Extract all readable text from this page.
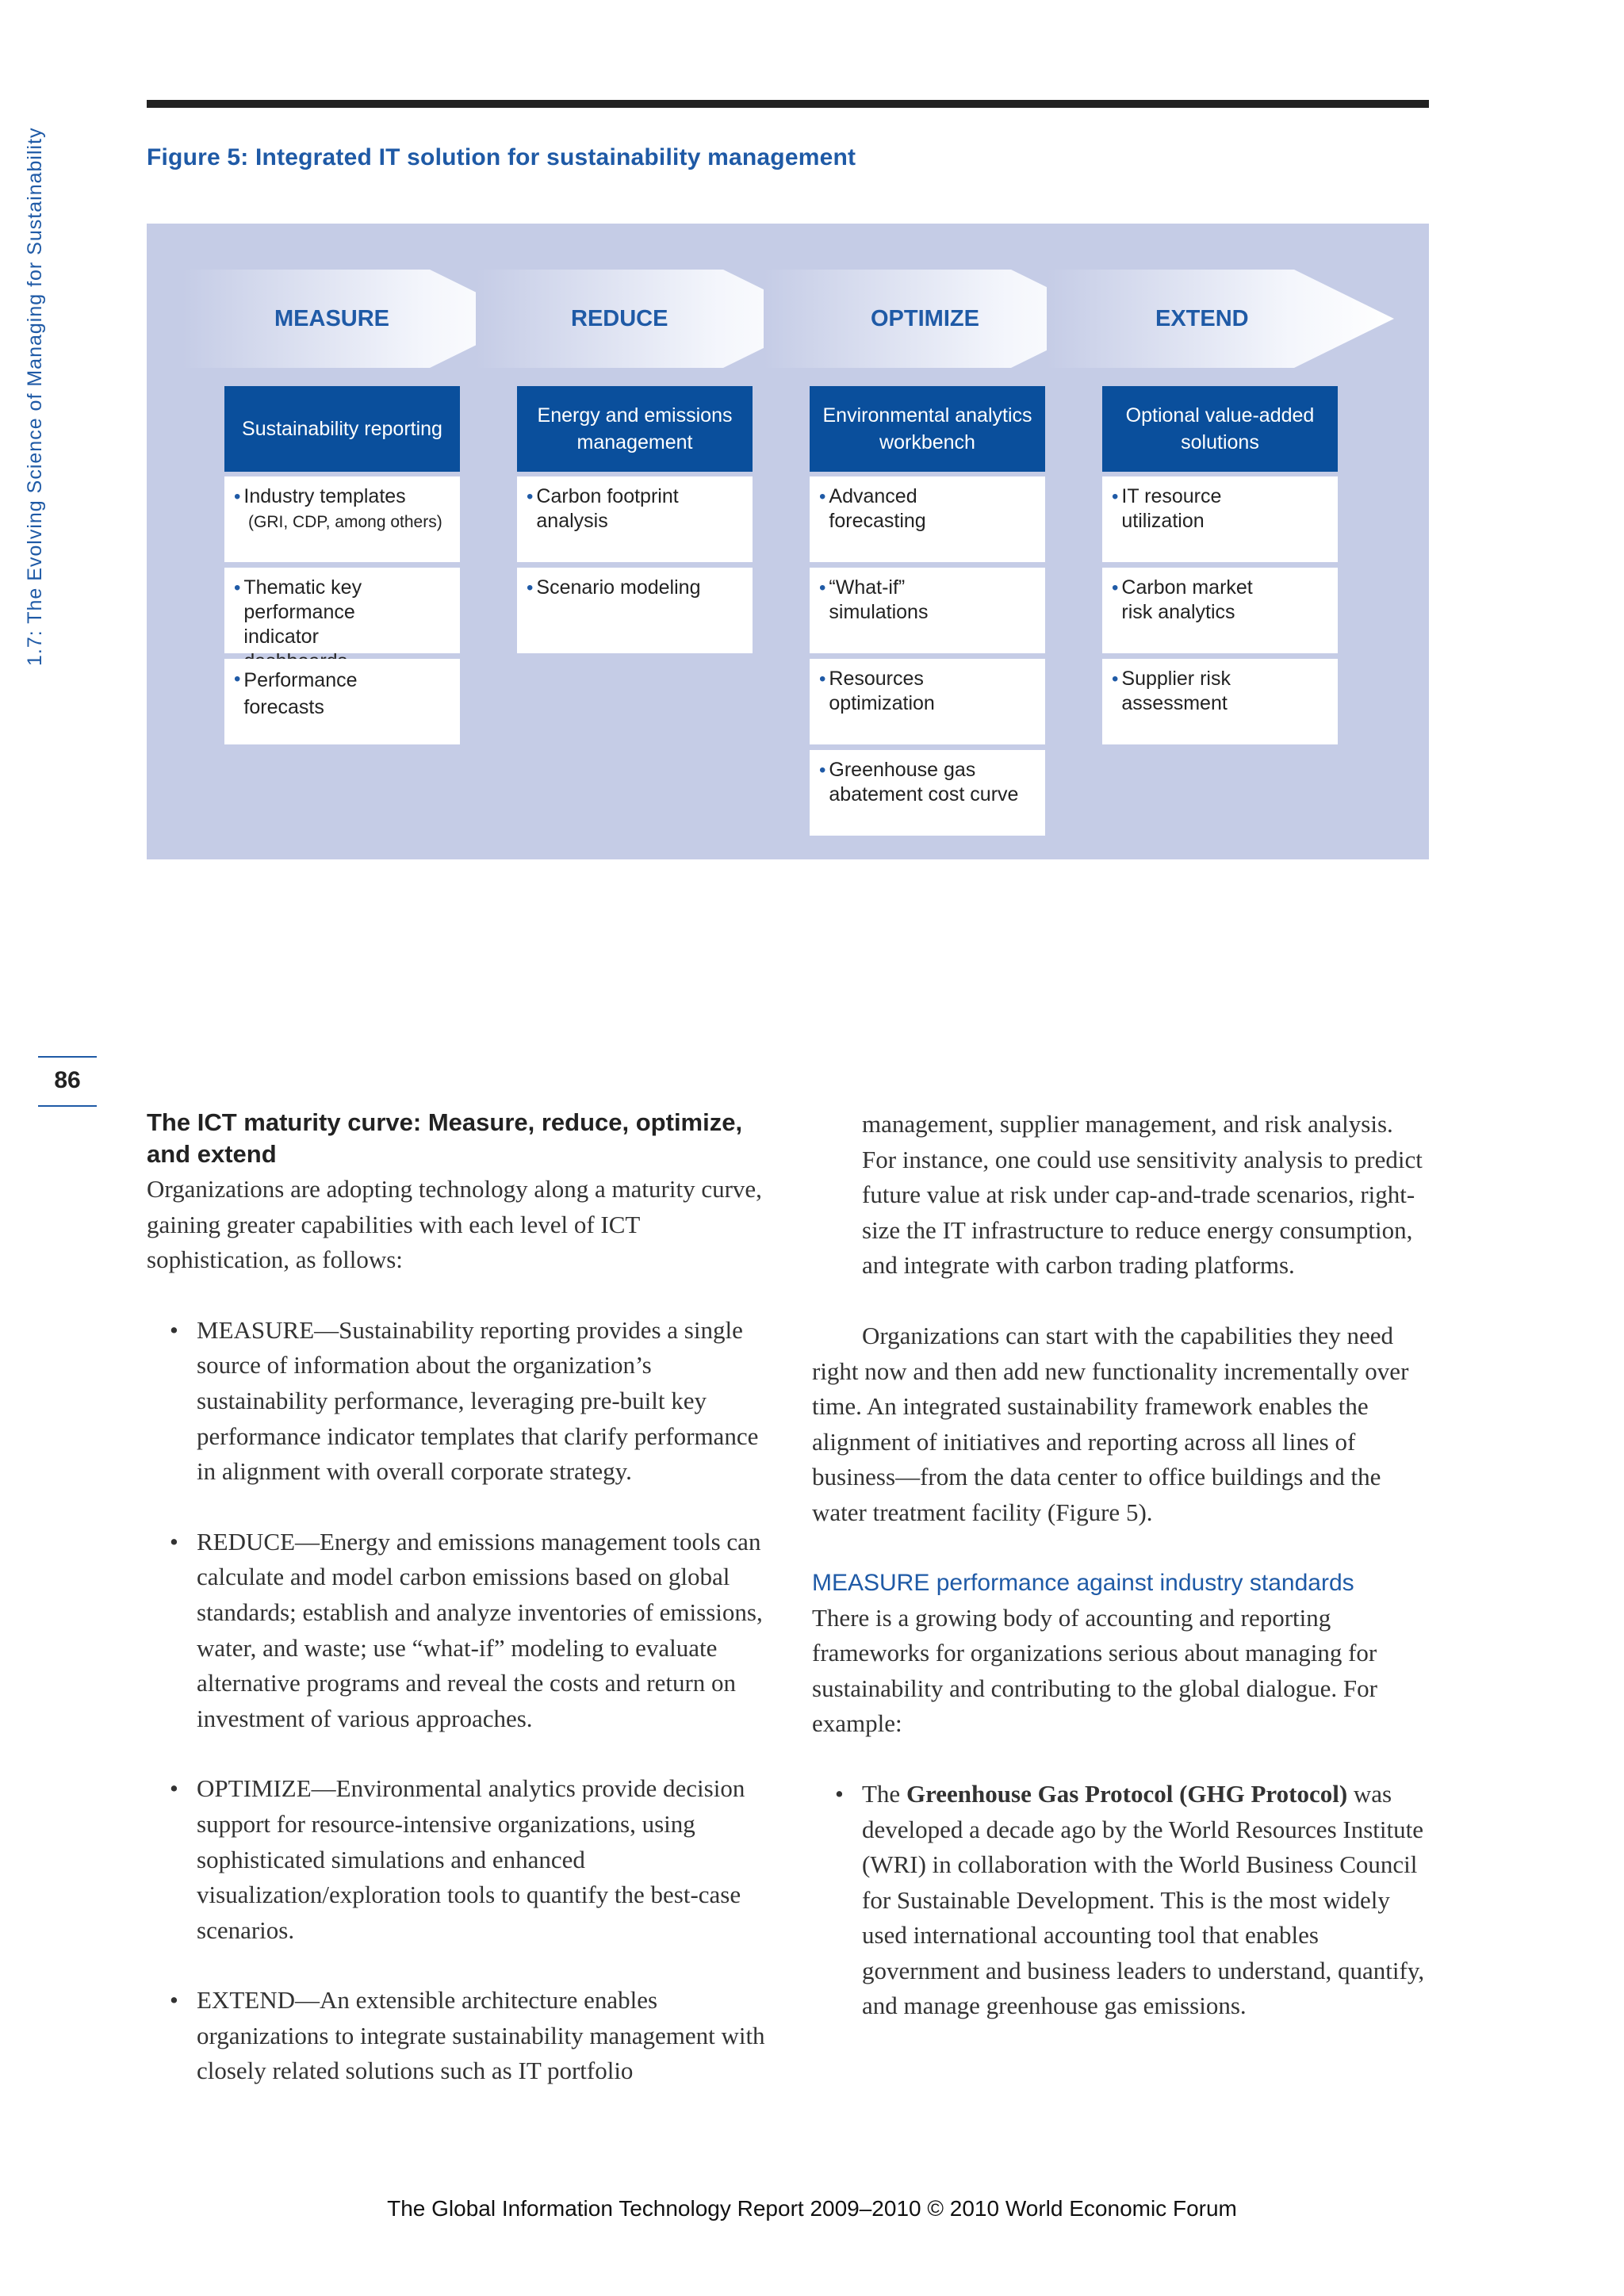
1.7: The Evolving Science of Managing for Sustainability
86
Figure 5: Integrated IT solution for sustainability management
MEASURE	REDUCE	OPTIMIZE	EXTEND
Sustainability reporting
• Industry templates
(GRI, CDP, among others)
• Thematic key performance indicator
• Performance forecasts
Energy and emissions management
• Carbon footprint analysis
• Scenario modeling
Environmental analytics workbench
• Advanced forecasting
• “What-if” simulations
• Resources optimization
• Greenhouse gas abatement cost curve
Optional value-added solutions
• IT resource utilization
• Carbon market risk analytics
• Supplier risk assessment
The ICT maturity curve: Measure, reduce, optimize, and extend

Organizations are adopting technology along a maturity curve, gaining greater capabilities with each level of ICT sophistication, as follows:

• MEASURE—Sustainability reporting provides a single source of information about the organization’s sustainability performance, leveraging pre-built key performance indicator templates that clarify performance in alignment with overall corporate strategy.
• REDUCE—Energy and emissions management tools can calculate and model carbon emissions based on global standards; establish and analyze inventories of emissions, water, and waste; use “what-if” modeling to evaluate alternative programs and reveal the costs and return on investment of various approaches.
• OPTIMIZE—Environmental analytics provide decision support for resource-intensive organizations, using sophisticated simulations and enhanced visualization/exploration tools to quantify the best-case scenarios.
• EXTEND—An extensible architecture enables organizations to integrate sustainability management with closely related solutions such as IT portfolio

management, supplier management, and risk analysis. For instance, one could use sensitivity analysis to predict future value at risk under cap-and-trade scenarios, right-size the IT infrastructure to reduce energy consumption, and integrate with carbon trading platforms.

Organizations can start with the capabilities they need right now and then add new functionality incrementally over time. An integrated sustainability framework enables the alignment of initiatives and reporting across all lines of business—from the data center to office buildings and the water treatment facility (Figure 5).

MEASURE performance against industry standards

There is a growing body of accounting and reporting frameworks for organizations serious about managing for sustainability and contributing to the global dialogue. For example:

• The Greenhouse Gas Protocol (GHG Protocol) was developed a decade ago by the World Resources Institute (WRI) in collaboration with the World Business Council for Sustainable Development. This is the most widely used international accounting tool that enables government and business leaders to understand, quantify, and manage greenhouse gas emissions.
The Global Information Technology Report 2009–2010 © 2010 World Economic Forum
